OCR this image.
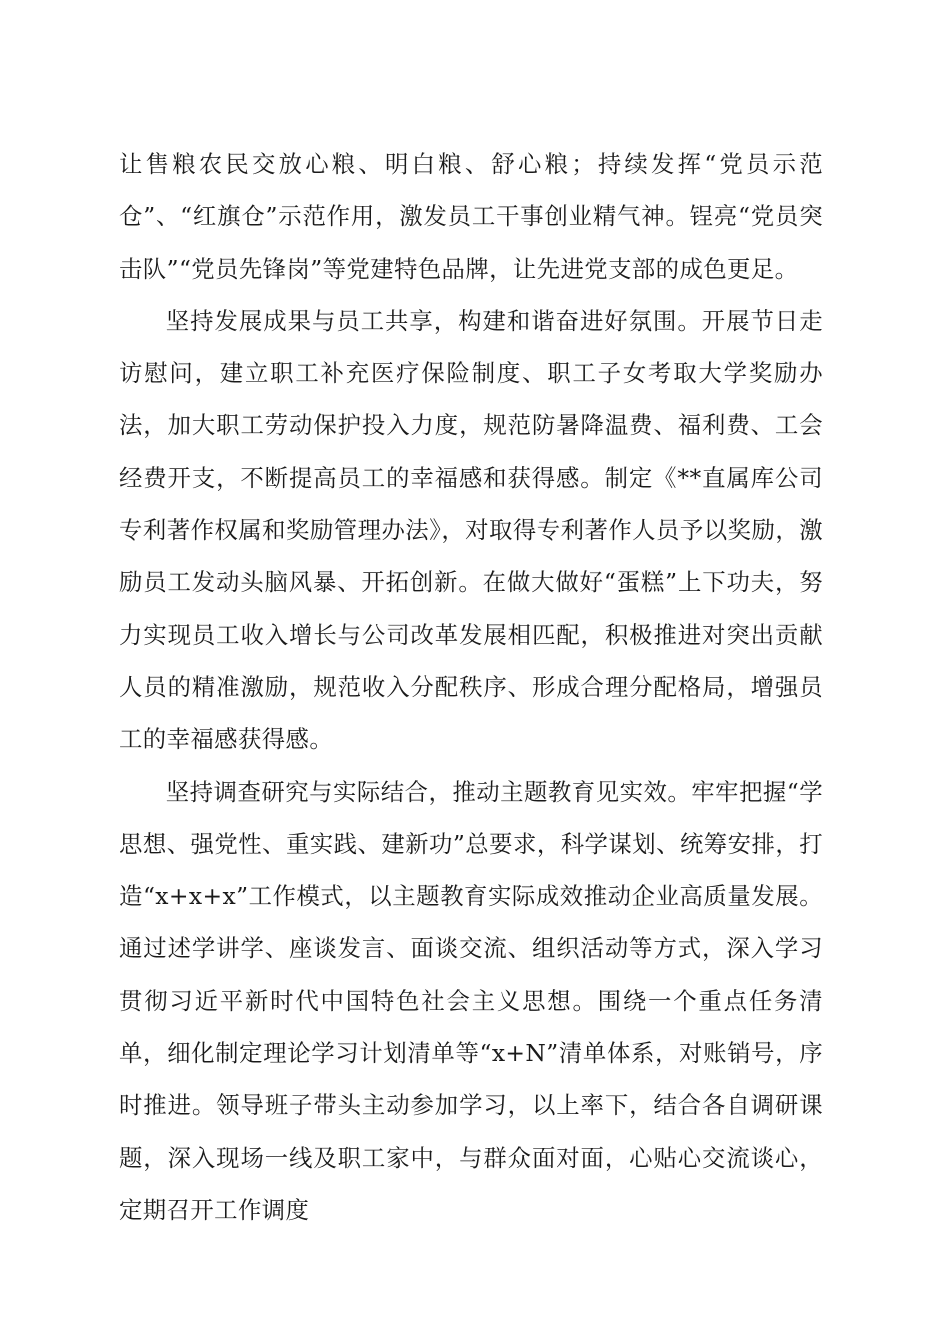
让售粮农民交放心粮、明白粮、舒心粮；持续发挥“党员示范仓”、“红旗仓”示范作用，激发员工干事创业精气神。锃亮“党员突击队”“党员先锋岗”等党建特色品牌，让先进党支部的成色更足。

坚持发展成果与员工共享，构建和谐奋进好氛围。开展节日走访慰问，建立职工补充医疗保险制度、职工子女考取大学奖励办法，加大职工劳动保护投入力度，规范防暑降温费、福利费、工会经费开支，不断提高员工的幸福感和获得感。制定《**直属库公司专利著作权属和奖励管理办法》，对取得专利著作人员予以奖励，激励员工发动头脑风暴、开拓创新。在做大做好“蛋糕”上下功夫，努力实现员工收入增长与公司改革发展相匹配，积极推进对突出贡献人员的精准激励，规范收入分配秩序、形成合理分配格局，增强员工的幸福感获得感。

坚持调查研究与实际结合，推动主题教育见实效。牢牢把握“学思想、强党性、重实践、建新功”总要求，科学谋划、统筹安排，打造“x+x+x”工作模式，以主题教育实际成效推动企业高质量发展。通过述学讲学、座谈发言、面谈交流、组织活动等方式，深入学习贯彻习近平新时代中国特色社会主义思想。围绕一个重点任务清单，细化制定理论学习计划清单等“x+N”清单体系，对账销号，序时推进。领导班子带头主动参加学习，以上率下，结合各自调研课题，深入现场一线及职工家中，与群众面对面，心贴心交流谈心，定期召开工作调度
